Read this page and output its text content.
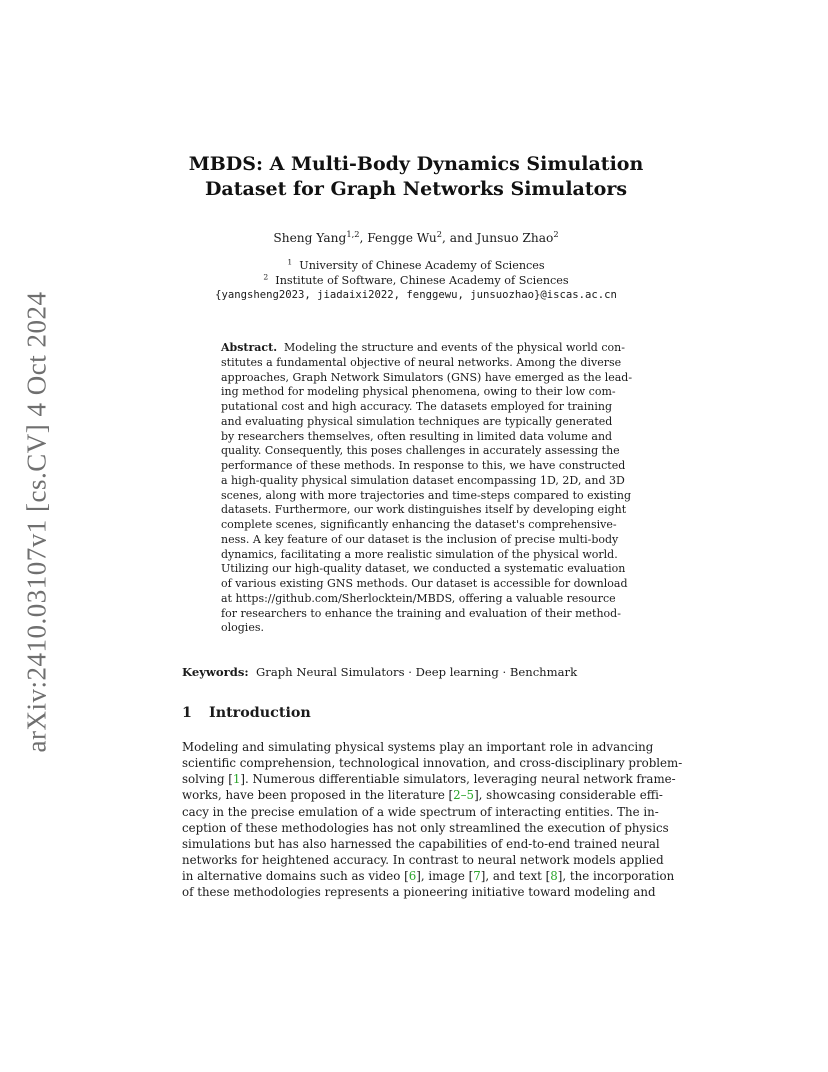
arXiv:2410.03107v1 [cs.CV] 4 Oct 2024
MBDS: A Multi-Body Dynamics Simulation
Dataset for Graph Networks Simulators
Sheng Yang$^{1,2}$, Fengge Wu$^2$, and Junsuo Zhao$^2$
$^1$ University of Chinese Academy of Sciences
$^2$ Institute of Software, Chinese Academy of Sciences
{yangsheng2023, jiadaixi2022, fenggewu, junsuozhao}@iscas.ac.cn
Abstract. Modeling the structure and events of the physical world con-
stitutes a fundamental objective of neural networks. Among the diverse
approaches, Graph Network Simulators (GNS) have emerged as the lead-
ing method for modeling physical phenomena, owing to their low com-
putational cost and high accuracy. The datasets employed for training
and evaluating physical simulation techniques are typically generated
by researchers themselves, often resulting in limited data volume and
quality. Consequently, this poses challenges in accurately assessing the
performance of these methods. In response to this, we have constructed
a high-quality physical simulation dataset encompassing 1D, 2D, and 3D
scenes, along with more trajectories and time-steps compared to existing
datasets. Furthermore, our work distinguishes itself by developing eight
complete scenes, significantly enhancing the dataset's comprehensive-
ness. A key feature of our dataset is the inclusion of precise multi-body
dynamics, facilitating a more realistic simulation of the physical world.
Utilizing our high-quality dataset, we conducted a systematic evaluation
of various existing GNS methods. Our dataset is accessible for download
at https://github.com/Sherlocktein/MBDS, offering a valuable resource
for researchers to enhance the training and evaluation of their method-
ologies.
Keywords: Graph Neural Simulators · Deep learning · Benchmark
1 Introduction
Modeling and simulating physical systems play an important role in advancing
scientific comprehension, technological innovation, and cross-disciplinary problem-
solving [1]. Numerous differentiable simulators, leveraging neural network frame-
works, have been proposed in the literature [2–5], showcasing considerable effi-
cacy in the precise emulation of a wide spectrum of interacting entities. The in-
ception of these methodologies has not only streamlined the execution of physics
simulations but has also harnessed the capabilities of end-to-end trained neural
networks for heightened accuracy. In contrast to neural network models applied
in alternative domains such as video [6], image [7], and text [8], the incorporation
of these methodologies represents a pioneering initiative toward modeling and
